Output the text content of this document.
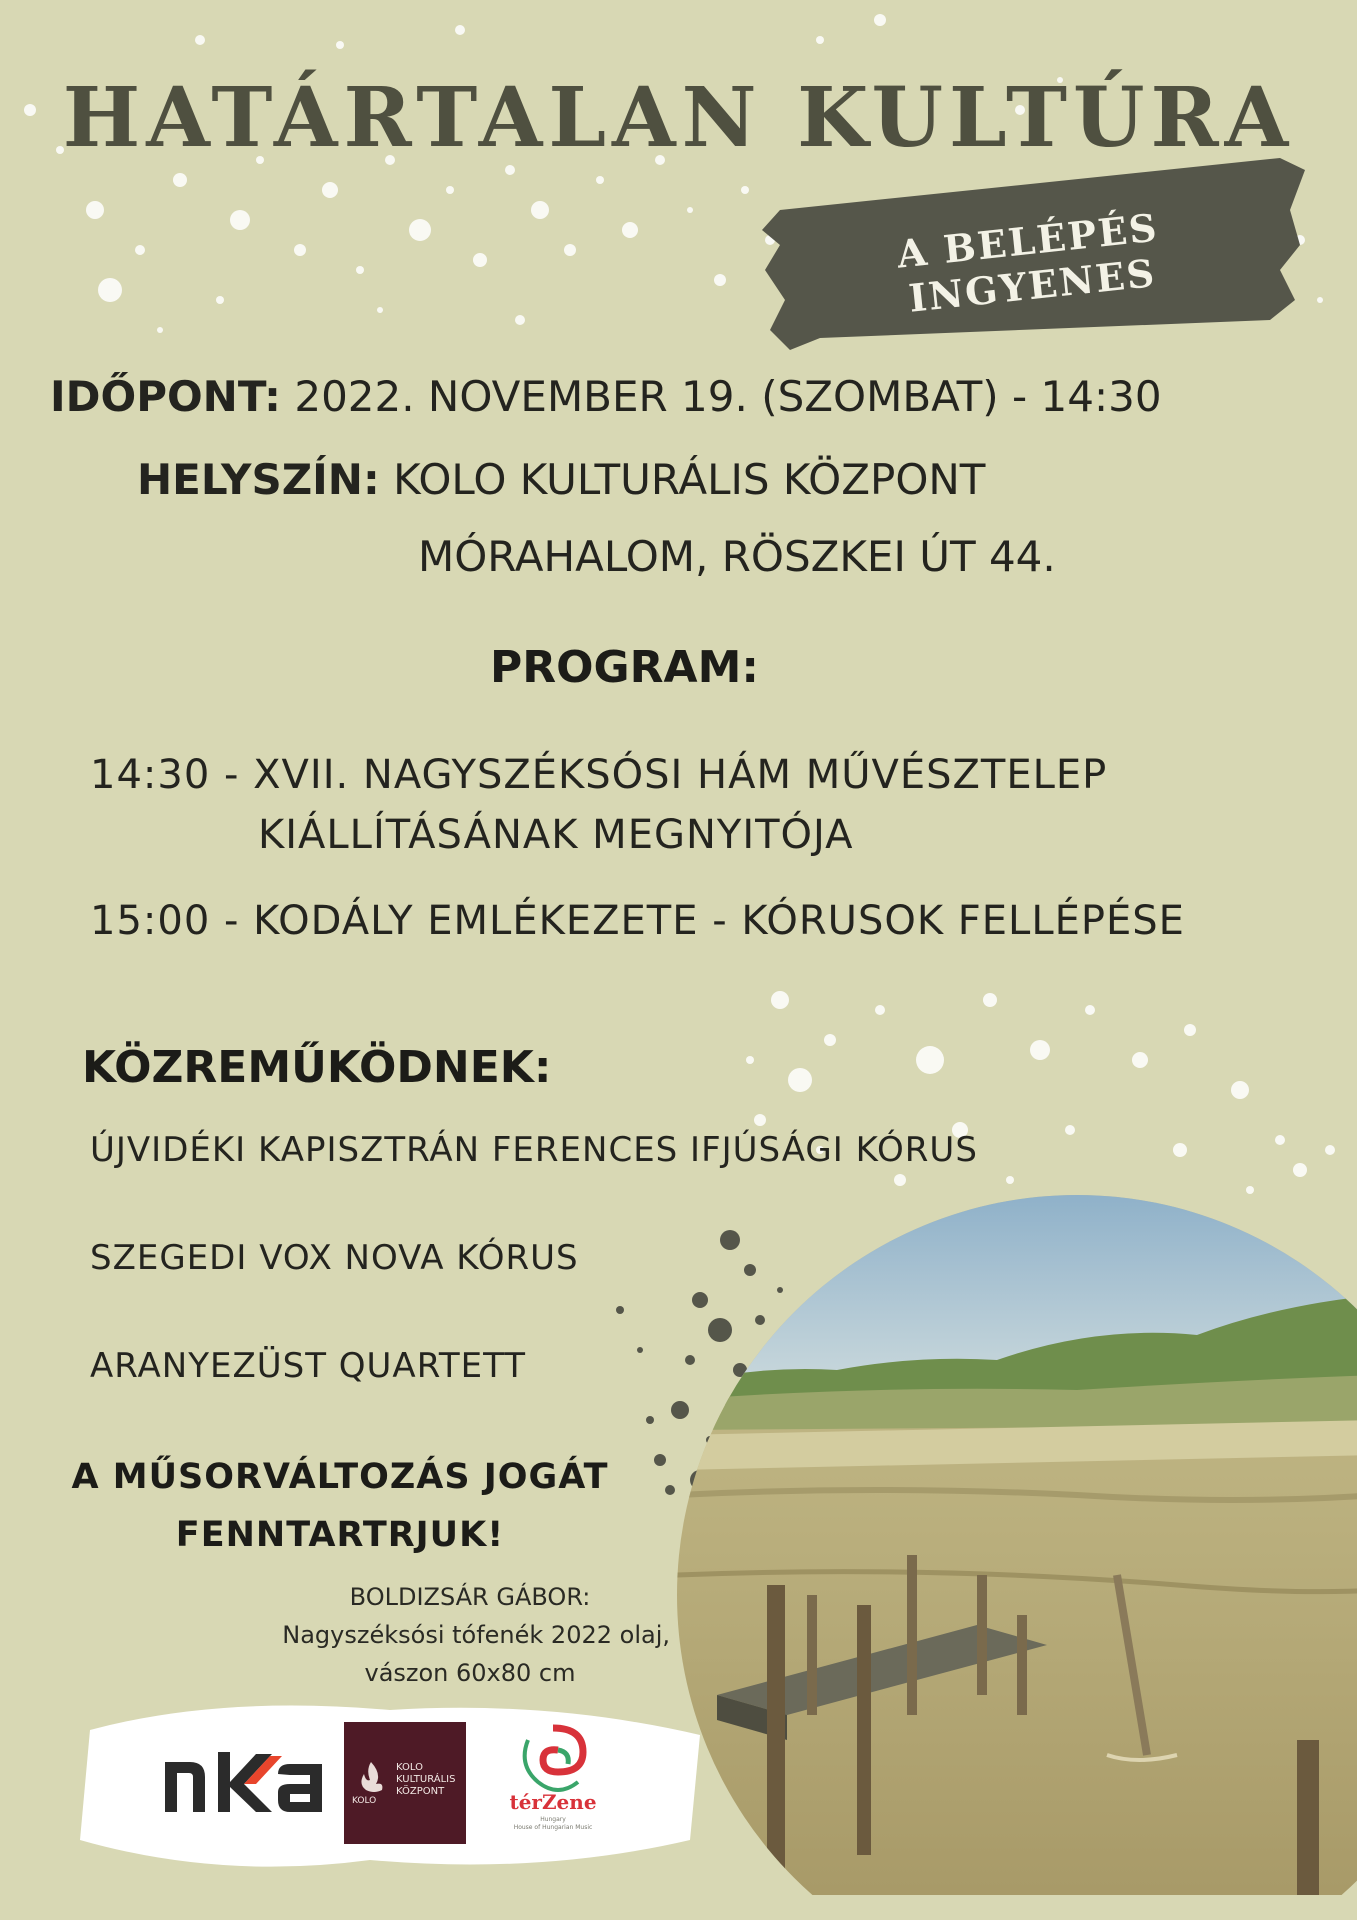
HATÁRTALAN KULTÚRA
A BELÉPÉS INGYENES
IDŐPONT: 2022. NOVEMBER 19. (SZOMBAT) - 14:30
HELYSZÍN: KOLO KULTURÁLIS KÖZPONT
MÓRAHALOM, RÖSZKEI ÚT 44.
PROGRAM:
14:30 - XVII. NAGYSZÉKSÓSI HÁM MŰVÉSZTELEP
KIÁLLÍTÁSÁNAK MEGNYITÓJA
15:00 - KODÁLY EMLÉKEZETE - KÓRUSOK FELLÉPÉSE
KÖZREMŰKÖDNEK:
ÚJVIDÉKI KAPISZTRÁN FERENCES IFJÚSÁGI KÓRUS
SZEGEDI VOX NOVA KÓRUS
ARANYEZÜST QUARTETT
A MŰSORVÁLTOZÁS JOGÁT
FENNTARTRJUK!
BOLDIZSÁR GÁBOR:
Nagyszéksósi tófenék 2022 olaj,
vászon 60x80 cm
KOLO
KULTURÁLIS
KÖZPONT
KOLO	térZene
Hungary
House of Hungarian Music
